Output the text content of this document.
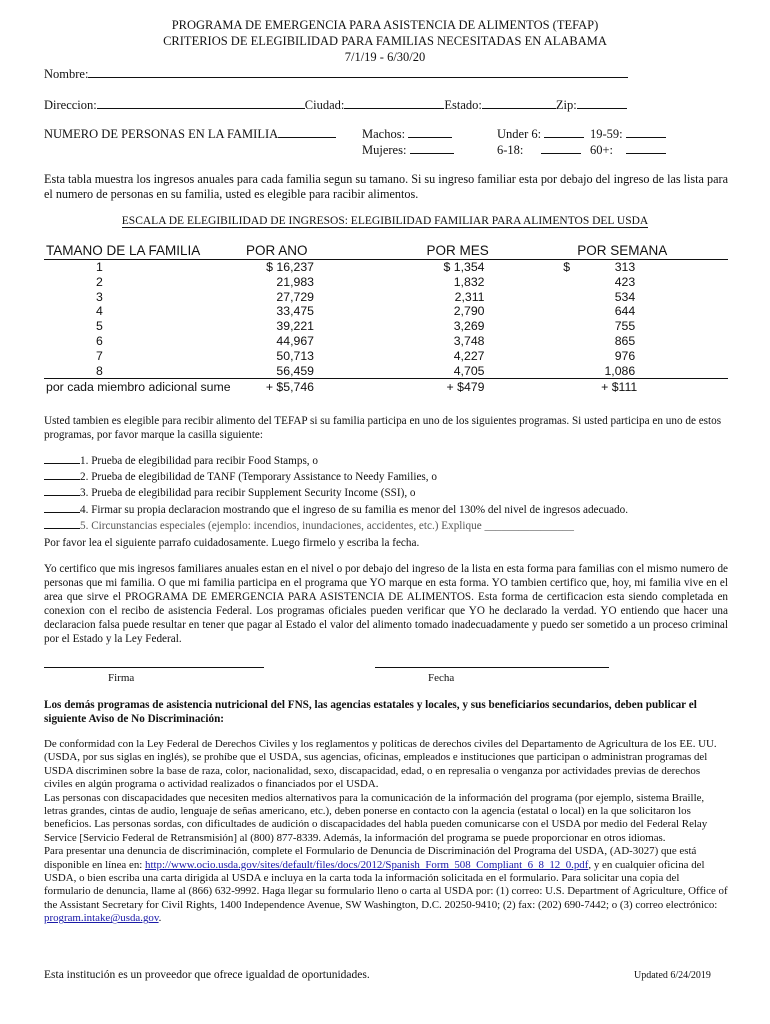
PROGRAMA DE EMERGENCIA PARA ASISTENCIA DE ALIMENTOS (TEFAP)
CRITERIOS DE ELEGIBILIDAD PARA FAMILIAS NECESITADAS EN ALABAMA
7/1/19 - 6/30/20
Nombre:
Direccion:	Ciudad:	Estado:	Zip:
NUMERO DE PERSONAS EN LA FAMILIA	Machos:
Mujeres:
Under 6:
6-18:
19-59:
60+:
Esta tabla muestra los ingresos anuales para cada familia segun su tamano. Si su ingreso familiar esta por debajo del ingreso de las lista para el numero de personas en su familia, usted es elegible para racibir alimentos.
ESCALA DE ELEGIBILIDAD DE INGRESOS: ELEGIBILIDAD FAMILIAR PARA ALIMENTOS DEL USDA
TAMANO DE LA FAMILIA	POR ANO	POR MES	POR SEMANA
1	$ 16,237	$ 1,354	$ 313
2	21,983	1,832	423
3	27,729	2,311	534
4	33,475	2,790	644
5	39,221	3,269	755
6	44,967	3,748	865
7	50,713	4,227	976
8	56,459	4,705	1,086
por cada miembro adicional sume	+ $5,746	+ $479	+ $111
Usted tambien es elegible para recibir alimento del TEFAP si su familia participa en uno de los siguientes programas. Si usted participa en uno de estos programas, por favor marque la casilla siguiente:
1. Prueba de elegibilidad para recibir Food Stamps, o
2. Prueba de elegibilidad de TANF (Temporary Assistance to Needy Families, o
3. Prueba de elegibilidad para recibir Supplement Security Income (SSI), o
4. Firmar su propia declaracion mostrando que el ingreso de su familia es menor del 130% del nivel de ingresos adecuado.
5. Circunstancias especiales (ejemplo: incendios, inundaciones, accidentes, etc.) Explique ________________
Por favor lea el siguiente parrafo cuidadosamente. Luego firmelo y escriba la fecha.
Yo certifico que mis ingresos familiares anuales estan en el nivel o por debajo del ingreso de la lista en esta forma para familias con el mismo numero de personas que mi familia. O que mi familia participa en el programa que YO marque en esta forma. YO tambien certifico que, hoy, mi familia vive en el area que sirve el PROGRAMA DE EMERGENCIA PARA ASISTENCIA DE ALIMENTOS. Esta forma de certificacion esta siendo completada en conexion con el recibo de asistencia Federal. Los programas oficiales pueden verificar que YO he declarado la verdad. YO entiendo que hacer una declaracion falsa puede resultar en tener que pagar al Estado el valor del alimento tomado inadecuadamente y puedo ser sometido a un proceso criminal por el Estado y la Ley Federal.
Firma	Fecha
Los demás programas de asistencia nutricional del FNS, las agencias estatales y locales, y sus beneficiarios secundarios, deben publicar el siguiente Aviso de No Discriminación:
De conformidad con la Ley Federal de Derechos Civiles y los reglamentos y políticas de derechos civiles del Departamento de Agricultura de los EE. UU. (USDA, por sus siglas en inglés), se prohíbe que el USDA, sus agencias, oficinas, empleados e instituciones que participan o administran programas del USDA discriminen sobre la base de raza, color, nacionalidad, sexo, discapacidad, edad, o en represalia o venganza por actividades previas de derechos civiles en algún programa o actividad realizados o financiados por el USDA.
Las personas con discapacidades que necesiten medios alternativos para la comunicación de la información del programa (por ejemplo, sistema Braille, letras grandes, cintas de audio, lenguaje de señas americano, etc.), deben ponerse en contacto con la agencia (estatal o local) en la que solicitaron los beneficios. Las personas sordas, con dificultades de audición o discapacidades del habla pueden comunicarse con el USDA por medio del Federal Relay Service [Servicio Federal de Retransmisión] al (800) 877-8339. Además, la información del programa se puede proporcionar en otros idiomas.
Para presentar una denuncia de discriminación, complete el Formulario de Denuncia de Discriminación del Programa del USDA, (AD-3027) que está disponible en línea en: http://www.ocio.usda.gov/sites/default/files/docs/2012/Spanish_Form_508_Compliant_6_8_12_0.pdf, y en cualquier oficina del USDA, o bien escriba una carta dirigida al USDA e incluya en la carta toda la información solicitada en el formulario. Para solicitar una copia del formulario de denuncia, llame al (866) 632-9992. Haga llegar su formulario lleno o carta al USDA por: (1) correo: U.S. Department of Agriculture, Office of the Assistant Secretary for Civil Rights, 1400 Independence Avenue, SW Washington, D.C. 20250-9410; (2) fax: (202) 690-7442; o (3) correo electrónico: program.intake@usda.gov.
Esta institución es un proveedor que ofrece igualdad de oportunidades.	Updated 6/24/2019
